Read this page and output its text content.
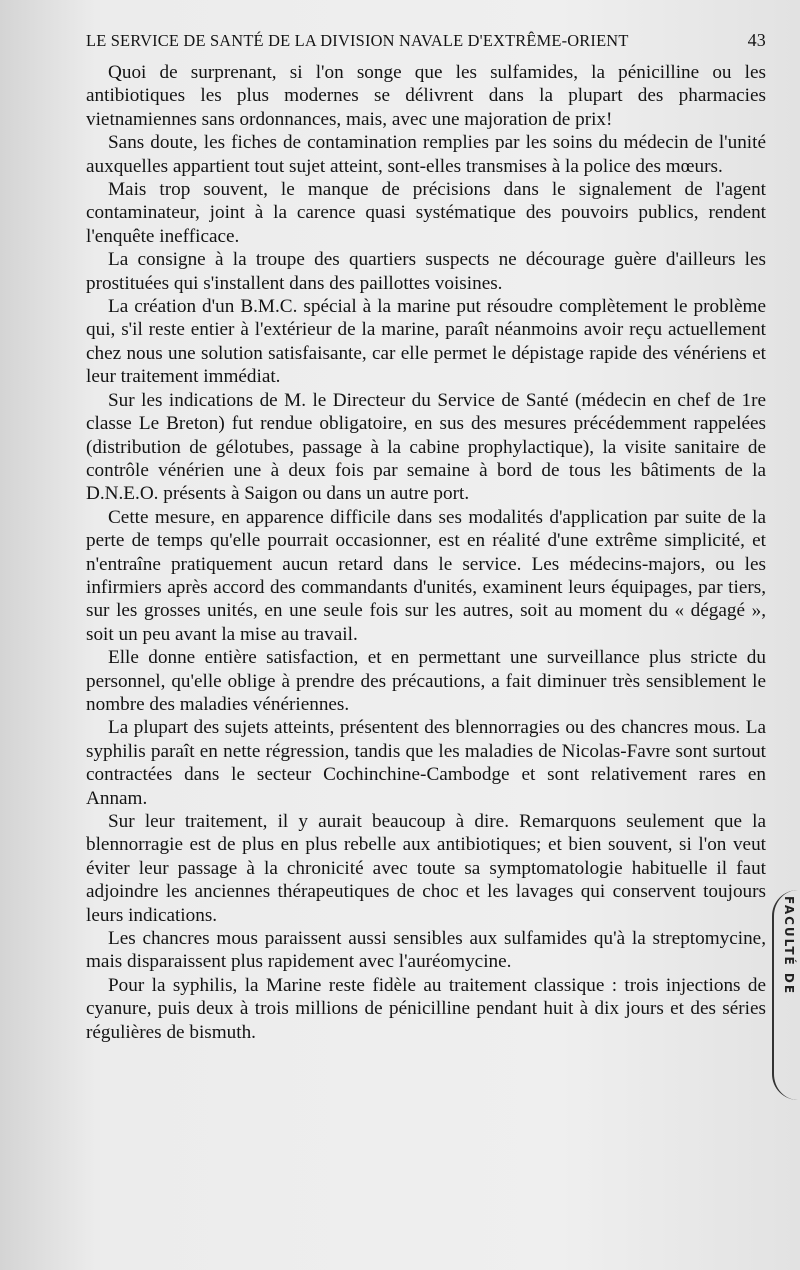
LE SERVICE DE SANTÉ DE LA DIVISION NAVALE D'EXTRÊME-ORIENT	43

Quoi de surprenant, si l'on songe que les sulfamides, la pénicilline ou les antibiotiques les plus modernes se délivrent dans la plupart des pharmacies vietnamiennes sans ordonnances, mais, avec une majoration de prix!

Sans doute, les fiches de contamination remplies par les soins du médecin de l'unité auxquelles appartient tout sujet atteint, sont-elles transmises à la police des mœurs.

Mais trop souvent, le manque de précisions dans le signalement de l'agent contaminateur, joint à la carence quasi systématique des pouvoirs publics, rendent l'enquête inefficace.

La consigne à la troupe des quartiers suspects ne décourage guère d'ailleurs les prostituées qui s'installent dans des paillottes voisines.

La création d'un B.M.C. spécial à la marine put résoudre complètement le problème qui, s'il reste entier à l'extérieur de la marine, paraît néanmoins avoir reçu actuellement chez nous une solution satisfaisante, car elle permet le dépistage rapide des vénériens et leur traitement immédiat.

Sur les indications de M. le Directeur du Service de Santé (médecin en chef de 1re classe Le Breton) fut rendue obligatoire, en sus des mesures précédemment rappelées (distribution de gélotubes, passage à la cabine prophylactique), la visite sanitaire de contrôle vénérien une à deux fois par semaine à bord de tous les bâtiments de la D.N.E.O. présents à Saigon ou dans un autre port.

Cette mesure, en apparence difficile dans ses modalités d'application par suite de la perte de temps qu'elle pourrait occasionner, est en réalité d'une extrême simplicité, et n'entraîne pratiquement aucun retard dans le service. Les médecins-majors, ou les infirmiers après accord des commandants d'unités, examinent leurs équipages, par tiers, sur les grosses unités, en une seule fois sur les autres, soit au moment du « dégagé », soit un peu avant la mise au travail.

Elle donne entière satisfaction, et en permettant une surveillance plus stricte du personnel, qu'elle oblige à prendre des précautions, a fait diminuer très sensiblement le nombre des maladies vénériennes.

La plupart des sujets atteints, présentent des blennorragies ou des chancres mous. La syphilis paraît en nette régression, tandis que les maladies de Nicolas-Favre sont surtout contractées dans le secteur Cochinchine-Cambodge et sont relativement rares en Annam.

Sur leur traitement, il y aurait beaucoup à dire. Remarquons seulement que la blennorragie est de plus en plus rebelle aux antibiotiques; et bien souvent, si l'on veut éviter leur passage à la chronicité avec toute sa symptomatologie habituelle il faut adjoindre les anciennes thérapeutiques de choc et les lavages qui conservent toujours leurs indications.

Les chancres mous paraissent aussi sensibles aux sulfamides qu'à la streptomycine, mais disparaissent plus rapidement avec l'auréomycine.

Pour la syphilis, la Marine reste fidèle au traitement classique : trois injections de cyanure, puis deux à trois millions de pénicilline pendant huit à dix jours et des séries régulières de bismuth.

FACULTÉ DE
